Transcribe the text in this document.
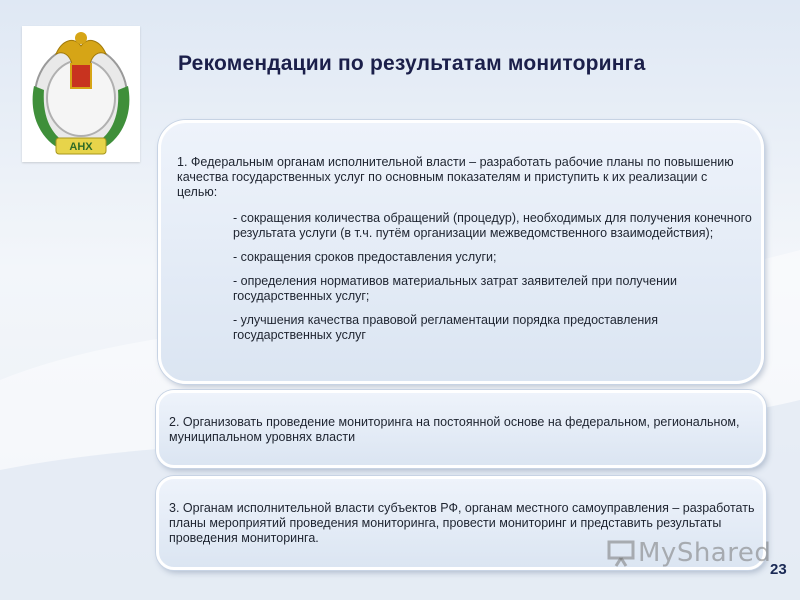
АНХ
Рекомендации по результатам мониторинга
1. Федеральным органам исполнительной власти – разработать рабочие планы по повышению качества государственных услуг по основным показателям и приступить к их реализации с целью:
- сокращения количества обращений (процедур), необходимых для получения конечного результата услуги (в т.ч. путём организации межведомственного взаимодействия);
- сокращения сроков предоставления услуги;
- определения нормативов материальных затрат заявителей при получении государственных услуг;
- улучшения качества правовой регламентации порядка предоставления государственных услуг
2. Организовать проведение мониторинга на постоянной основе на федеральном, региональном, муниципальном уровнях власти
3. Органам исполнительной власти субъектов РФ, органам местного самоуправления – разработать планы мероприятий проведения мониторинга, провести мониторинг и представить результаты проведения мониторинга.	MyShared
23
